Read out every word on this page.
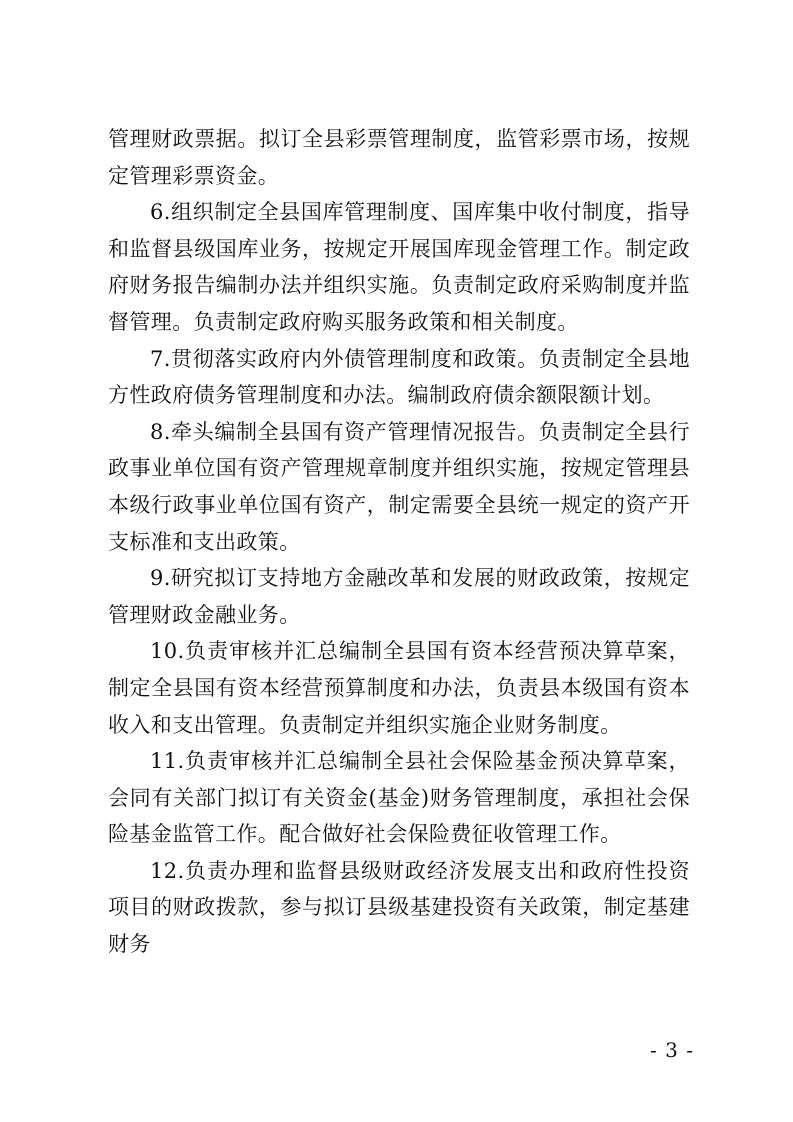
管理财政票据。拟订全县彩票管理制度，监管彩票市场，按规定管理彩票资金。

6.组织制定全县国库管理制度、国库集中收付制度，指导和监督县级国库业务，按规定开展国库现金管理工作。制定政府财务报告编制办法并组织实施。负责制定政府采购制度并监督管理。负责制定政府购买服务政策和相关制度。

7.贯彻落实政府内外债管理制度和政策。负责制定全县地方性政府债务管理制度和办法。编制政府债余额限额计划。

8.牵头编制全县国有资产管理情况报告。负责制定全县行政事业单位国有资产管理规章制度并组织实施，按规定管理县本级行政事业单位国有资产，制定需要全县统一规定的资产开支标准和支出政策。

9.研究拟订支持地方金融改革和发展的财政政策，按规定管理财政金融业务。

10.负责审核并汇总编制全县国有资本经营预决算草案，制定全县国有资本经营预算制度和办法，负责县本级国有资本收入和支出管理。负责制定并组织实施企业财务制度。

11.负责审核并汇总编制全县社会保险基金预决算草案，会同有关部门拟订有关资金(基金)财务管理制度，承担社会保险基金监管工作。配合做好社会保险费征收管理工作。

12.负责办理和监督县级财政经济发展支出和政府性投资项目的财政拨款，参与拟订县级基建投资有关政策，制定基建财务

- 3 -
